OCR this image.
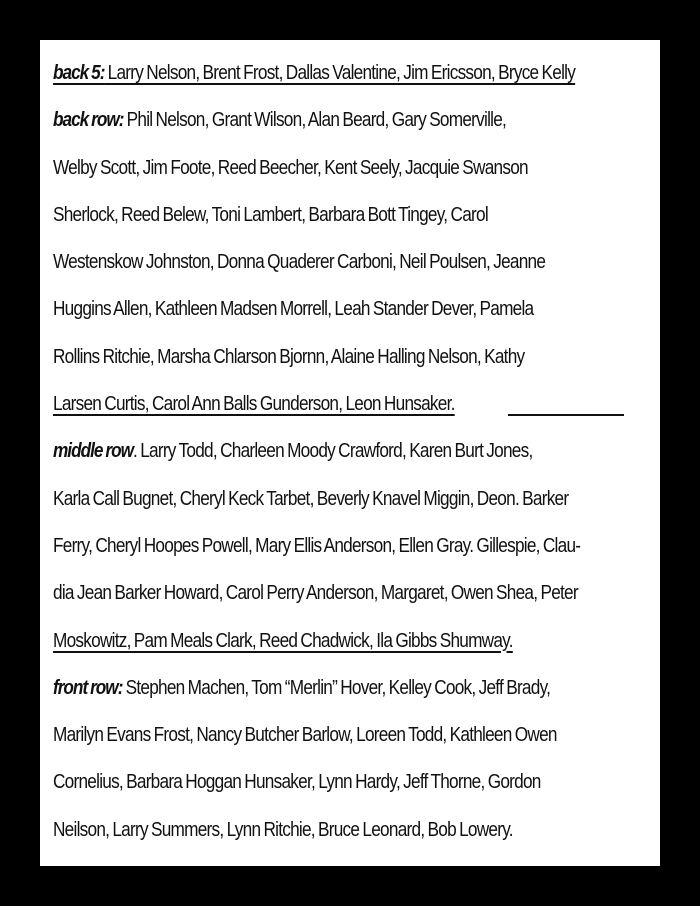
back 5: Larry Nelson, Brent Frost, Dallas Valentine, Jim Ericsson, Bryce Kelly
back row: Phil Nelson, Grant Wilson, Alan Beard, Gary Somerville,
Welby Scott, Jim Foote, Reed Beecher, Kent Seely, Jacquie Swanson
Sherlock, Reed Belew, Toni Lambert, Barbara Bott Tingey, Carol
Westenskow Johnston, Donna Quaderer Carboni, Neil Poulsen, Jeanne
Huggins Allen, Kathleen Madsen Morrell, Leah Stander Dever, Pamela
Rollins Ritchie, Marsha Chlarson Bjornn, Alaine Halling Nelson, Kathy
Larsen Curtis, Carol Ann Balls Gunderson, Leon Hunsaker.
middle row. Larry Todd, Charleen Moody Crawford, Karen Burt Jones,
Karla Call Bugnet, Cheryl Keck Tarbet, Beverly Knavel Miggin, Deon. Barker
Ferry, Cheryl Hoopes Powell, Mary Ellis Anderson, Ellen Gray. Gillespie, Clau-
dia Jean Barker Howard, Carol Perry Anderson, Margaret, Owen Shea, Peter
Moskowitz, Pam Meals Clark, Reed Chadwick, Ila Gibbs Shumway.
front row: Stephen Machen, Tom “Merlin” Hover, Kelley Cook, Jeff Brady,
Marilyn Evans Frost, Nancy Butcher Barlow, Loreen Todd, Kathleen Owen
Cornelius, Barbara Hoggan Hunsaker, Lynn Hardy, Jeff Thorne, Gordon
Neilson, Larry Summers, Lynn Ritchie, Bruce Leonard, Bob Lowery.
